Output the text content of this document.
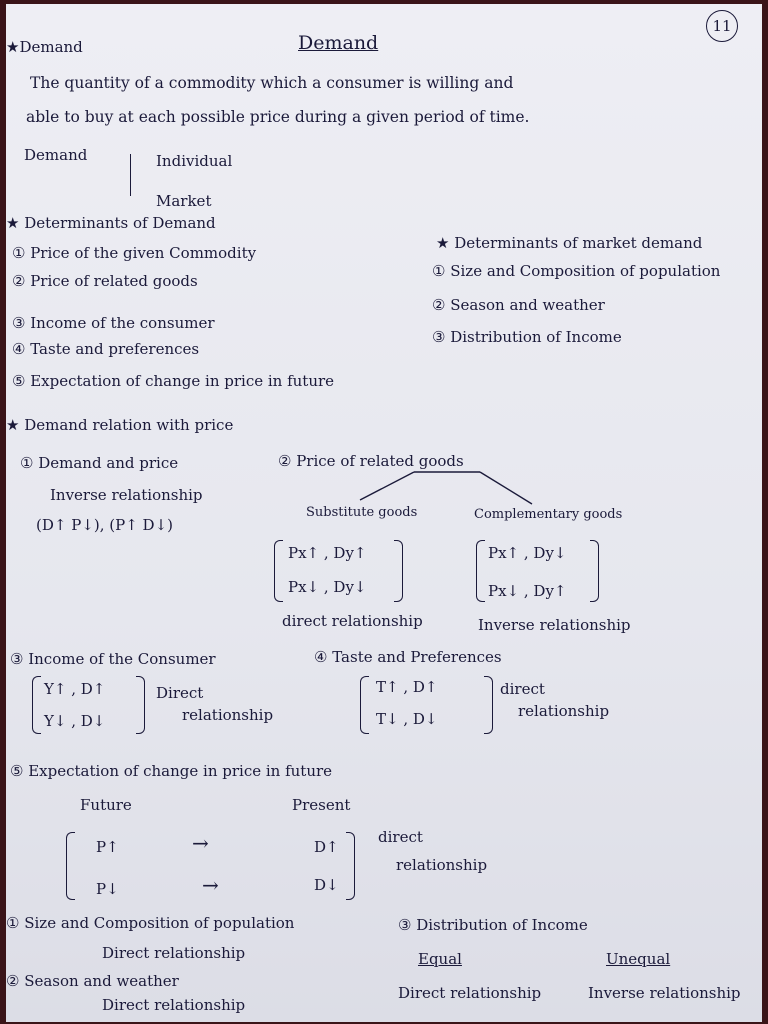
11
★Demand	Demand
The quantity of a commodity which a consumer is willing and
able to buy at each possible price during a given period of time.
Demand	Individual
Market
★ Determinants of Demand
① Price of the given Commodity
② Price of related goods
③ Income of the consumer
④ Taste and preferences
⑤ Expectation of change in price in future
★ Determinants of market demand
① Size and Composition of population
② Season and weather
③ Distribution of Income
★ Demand relation with price
① Demand and price
Inverse relationship
(D↑ P↓), (P↑ D↓)
② Price of related goods
Substitute goods	Complementary goods
Px↑ , Dy↑
Px↓ , Dy↓
direct relationship
Px↑ , Dy↓
Px↓ , Dy↑
Inverse relationship
③ Income of the Consumer
Y↑ , D↑
Y↓ , D↓
Direct
relationship
④ Taste and Preferences
T↑ , D↑
T↓ , D↓
direct
relationship
⑤ Expectation of change in price in future
Future	Present
P↑	→	D↑
P↓	→	D↓
direct
relationship
① Size and Composition of population
Direct relationship
② Season and weather
Direct relationship
③ Distribution of Income
Equal
Direct relationship
Unequal
Inverse relationship
